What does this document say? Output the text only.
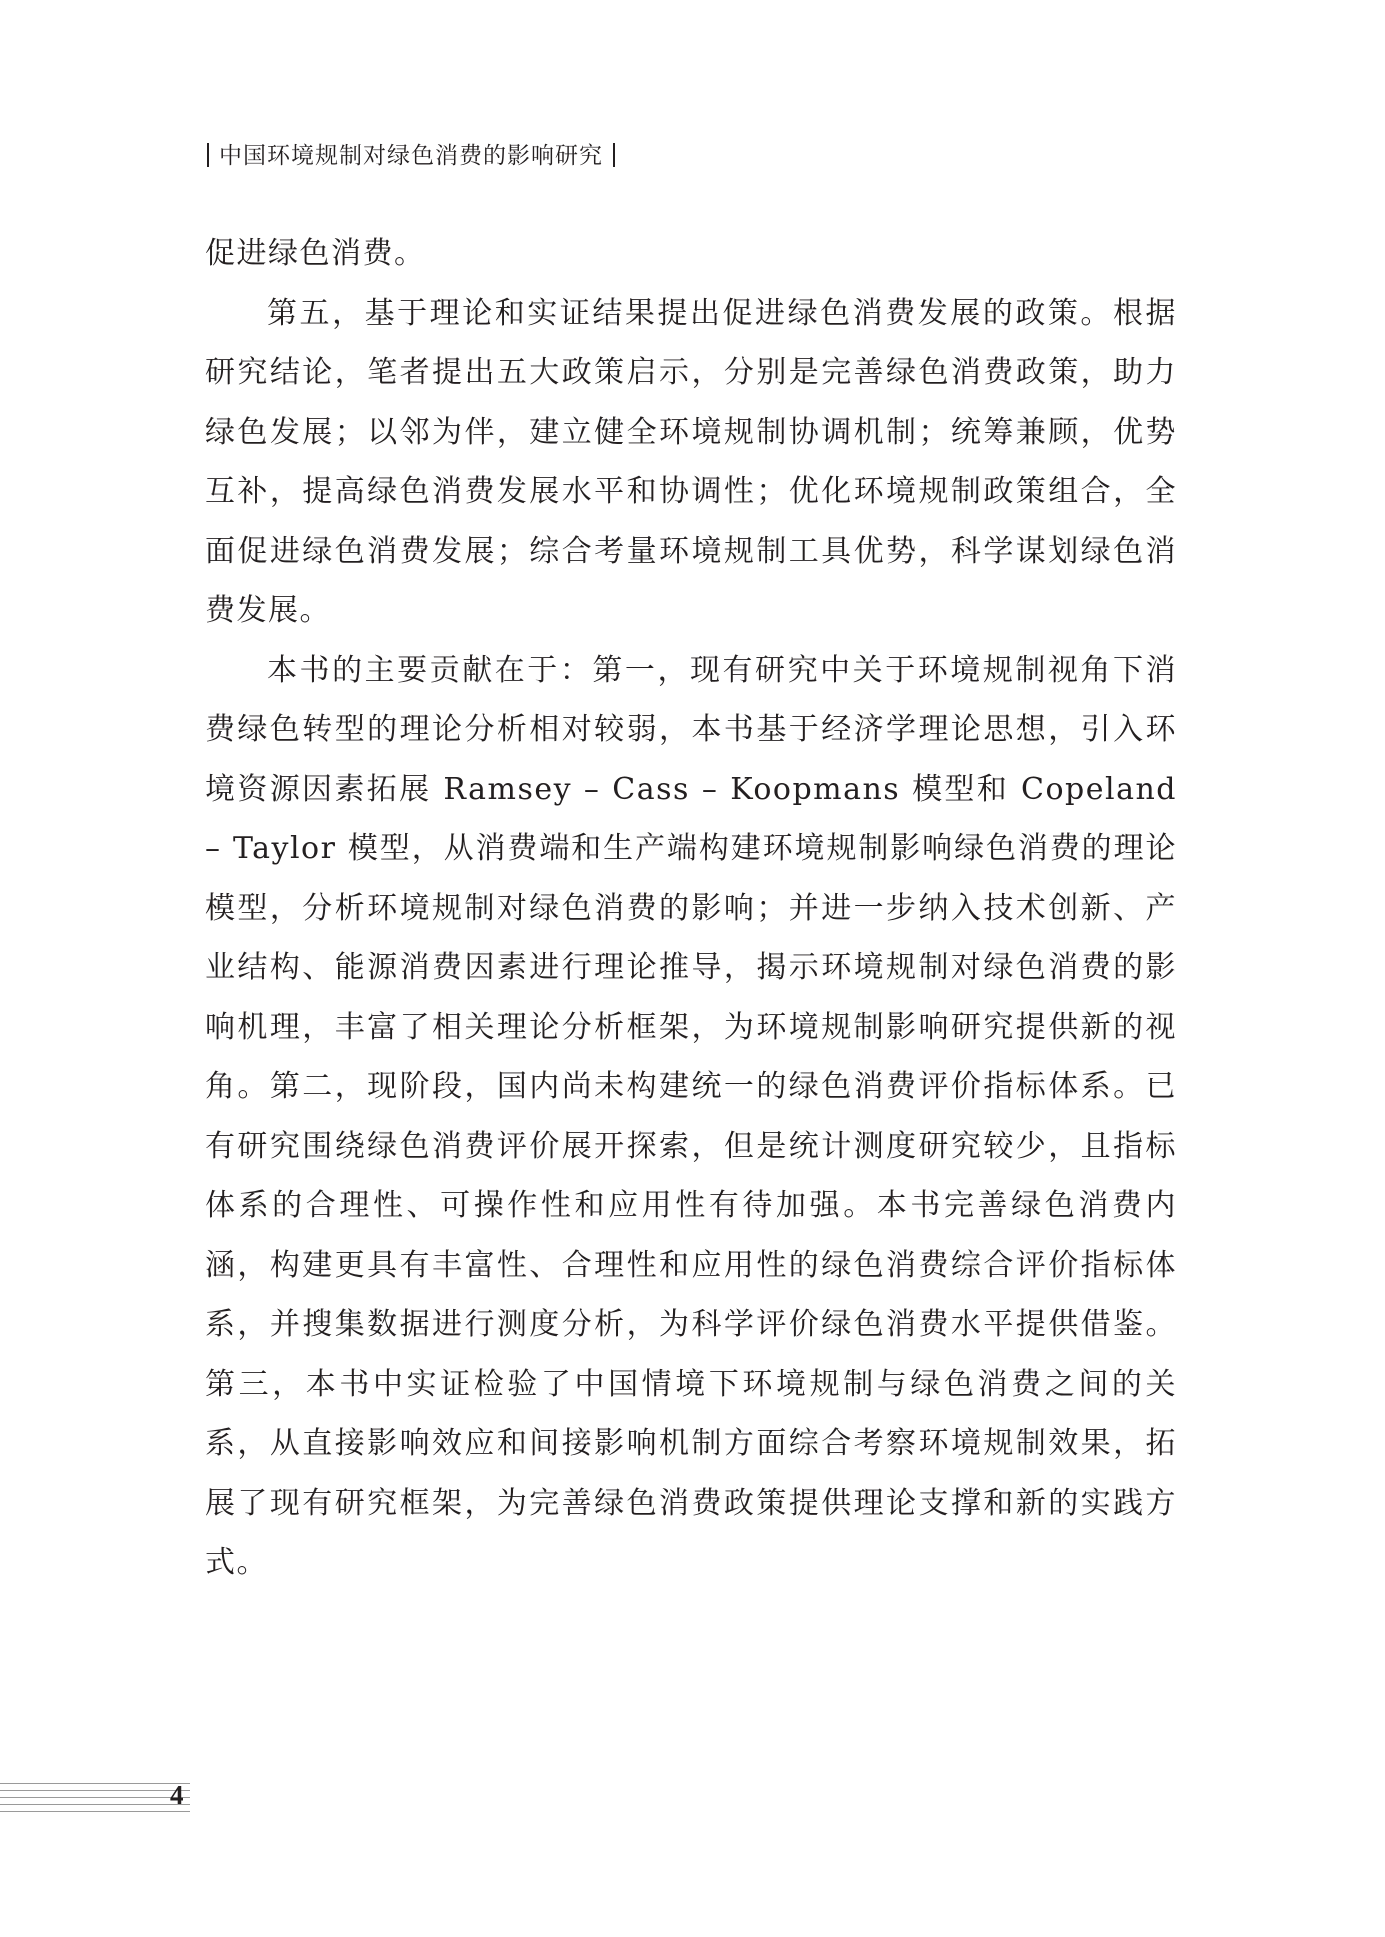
中国环境规制对绿色消费的影响研究

促进绿色消费。

第五，基于理论和实证结果提出促进绿色消费发展的政策。根据研究结论，笔者提出五大政策启示，分别是完善绿色消费政策，助力绿色发展；以邻为伴，建立健全环境规制协调机制；统筹兼顾，优势互补，提高绿色消费发展水平和协调性；优化环境规制政策组合，全面促进绿色消费发展；综合考量环境规制工具优势，科学谋划绿色消费发展。

本书的主要贡献在于：第一，现有研究中关于环境规制视角下消费绿色转型的理论分析相对较弱，本书基于经济学理论思想，引入环境资源因素拓展 Ramsey – Cass – Koopmans 模型和 Copeland – Taylor 模型，从消费端和生产端构建环境规制影响绿色消费的理论模型，分析环境规制对绿色消费的影响；并进一步纳入技术创新、产业结构、能源消费因素进行理论推导，揭示环境规制对绿色消费的影响机理，丰富了相关理论分析框架，为环境规制影响研究提供新的视角。第二，现阶段，国内尚未构建统一的绿色消费评价指标体系。已有研究围绕绿色消费评价展开探索，但是统计测度研究较少，且指标体系的合理性、可操作性和应用性有待加强。本书完善绿色消费内涵，构建更具有丰富性、合理性和应用性的绿色消费综合评价指标体系，并搜集数据进行测度分析，为科学评价绿色消费水平提供借鉴。第三，本书中实证检验了中国情境下环境规制与绿色消费之间的关系，从直接影响效应和间接影响机制方面综合考察环境规制效果，拓展了现有研究框架，为完善绿色消费政策提供理论支撑和新的实践方式。

4
